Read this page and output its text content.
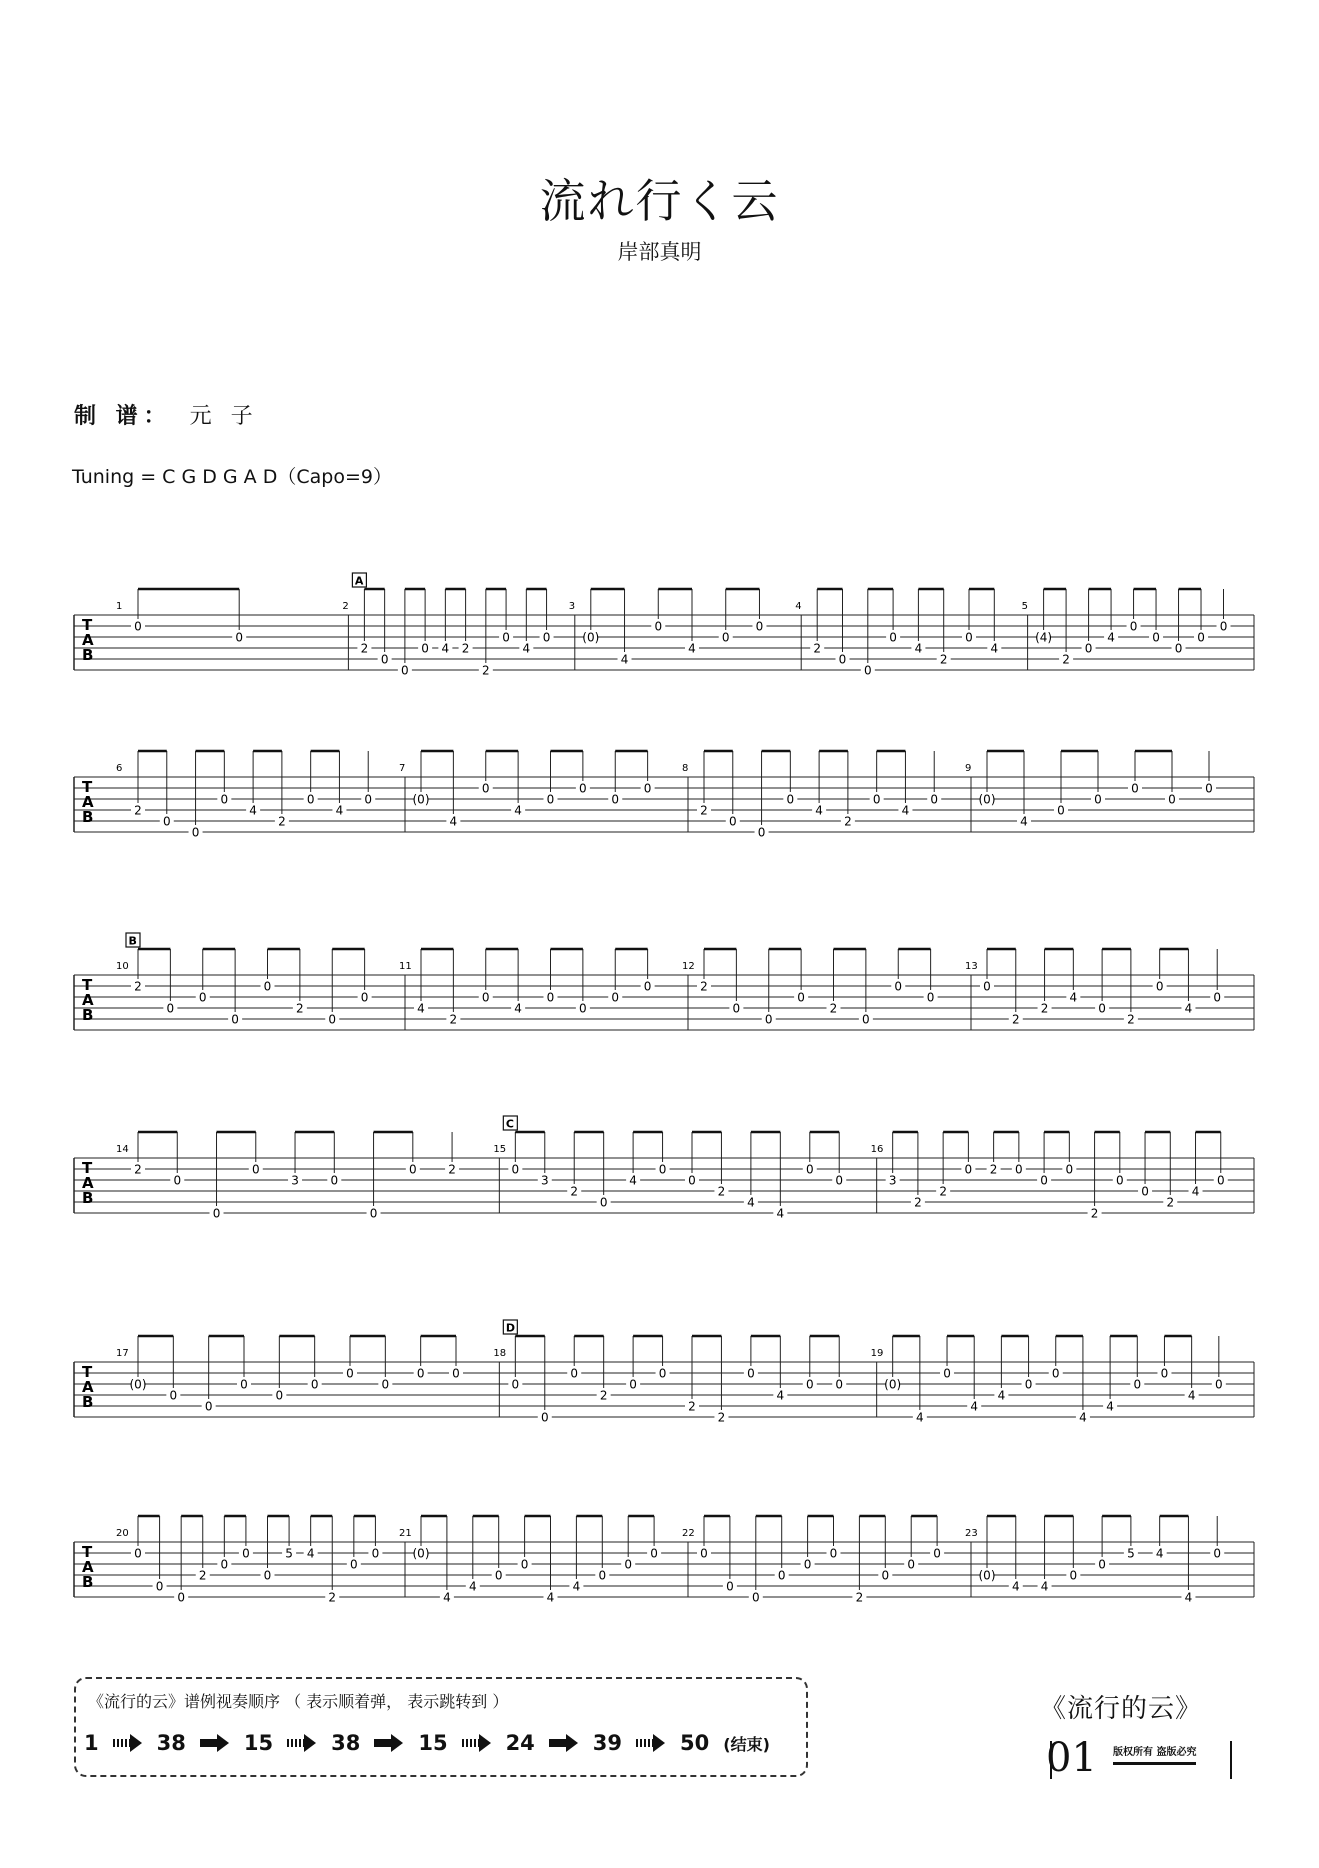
流れ行く云
岸部真明
制 谱： 元 子
Tuning = C G D G A D（Capo=9）
T
A
B
1
0
0
2
A
2
0
0
0 4 2
2
0
4
0
3
(0)
4
0
4
0
0
4
2
0
0
0
4
2
0
4
5
(4)
2
0
4
0
0
0
0
0
T
A
B
6
2
0
0
0
4
2
0
4
0
7
(0)
4
0
4
0
0
0
0
8
2
0
0
0
4
2
0
4
0
9
(0)
4
0
0
0
0
0
T
A
B
10
B
2
0
0
0
0
2
0
0
11
4
2
0
4
0
0
0
0
12
2
0
0
0
2
0
0
0
13
0
2
2
4
0
2
0
4
0
T
A
B
14
2
0
0
0
3	0
0
0	2
15
C
0
3
2
0
4
0
0
2
4
4
0
0
16
3
2
2
0 2 0
0
0
2
0
0
2
4
0
T
A
B
17
(0)
0
0
0
0
0
0
0
0 0
18
D
0
0
0
2
0
0
2
2
0
4
0 0
19
(0)
4
0
4
4
0
0
4
4
0
0
4
0
T
A
B
20
0
0
0
2
0
0
0
5 4
2
0
0
21
(0)
4
4
0
0
4
4
0
0
0
22
0
0
0
0
0
0
2
0
0
0
23
(0)
4 4
0
0
5 4
4
0
《流行的云》谱例视奏顺序 （ 表示顺着弹， 表示跳转到 ）
1	38	15	38	15	24	39	50 (结束)
《流行的云》
01 版权所有 盗版必究
